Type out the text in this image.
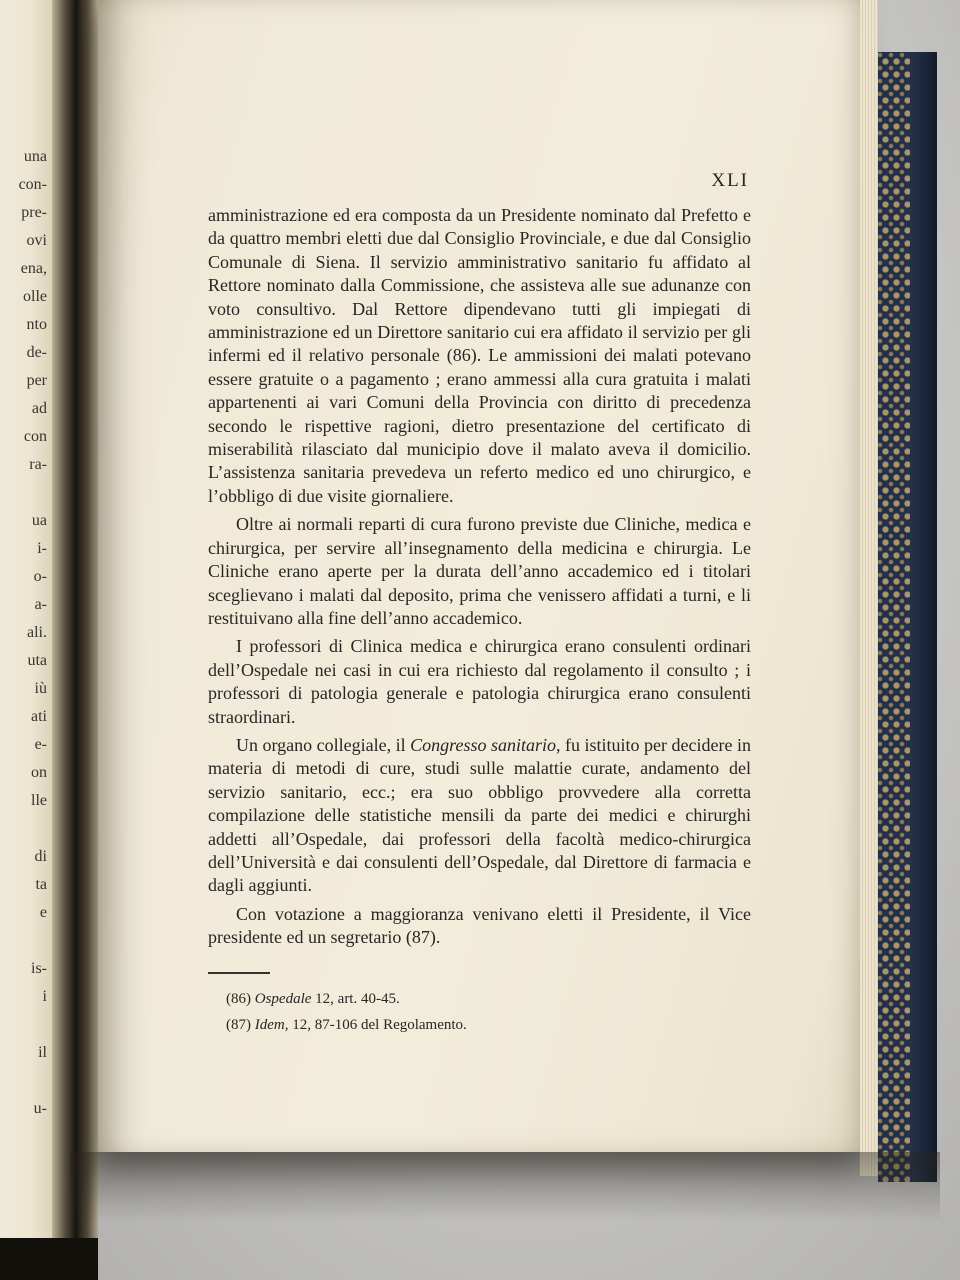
una
con-
pre-
ovi
ena,
olle
nto
de-
per
ad
con
ra-
ua
i-
o-
a-
ali.
uta
iù
ati
e-
on
lle
di
ta
e
is-
i
il
u-
XLI

amministrazione ed era composta da un Presidente nominato dal Prefetto e da quattro membri eletti due dal Consiglio Provinciale, e due dal Consiglio Comunale di Siena. Il servizio amministrativo sanitario fu affidato al Rettore nominato dalla Commissione, che assisteva alle sue adunanze con voto consultivo. Dal Rettore dipendevano tutti gli impiegati di amministrazione ed un Direttore sanitario cui era affidato il servizio per gli infermi ed il relativo personale (86). Le ammissioni dei malati potevano essere gratuite o a pagamento ; erano ammessi alla cura gratuita i malati appartenenti ai vari Comuni della Provincia con diritto di precedenza secondo le rispettive ragioni, dietro presentazione del certificato di miserabilità rilasciato dal municipio dove il malato aveva il domicilio. L’assistenza sanitaria prevedeva un referto medico ed uno chirurgico, e l’obbligo di due visite giornaliere.

Oltre ai normali reparti di cura furono previste due Cliniche, medica e chirurgica, per servire all’insegnamento della medicina e chirurgia. Le Cliniche erano aperte per la durata dell’anno accademico ed i titolari sceglievano i malati dal deposito, prima che venissero affidati a turni, e li restituivano alla fine dell’anno accademico.

I professori di Clinica medica e chirurgica erano consulenti ordinari dell’Ospedale nei casi in cui era richiesto dal regolamento il consulto ; i professori di patologia generale e patologia chirurgica erano consulenti straordinari.

Un organo collegiale, il Congresso sanitario, fu istituito per decidere in materia di metodi di cure, studi sulle malattie curate, andamento del servizio sanitario, ecc.; era suo obbligo provvedere alla corretta compilazione delle statistiche mensili da parte dei medici e chirurghi addetti all’Ospedale, dai professori della facoltà medico-chirurgica dell’Università e dai consulenti dell’Ospedale, dal Direttore di farmacia e dagli aggiunti.

Con votazione a maggioranza venivano eletti il Presidente, il Vice presidente ed un segretario (87).

(86) Ospedale 12, art. 40-45.
(87) Idem, 12, 87-106 del Regolamento.
